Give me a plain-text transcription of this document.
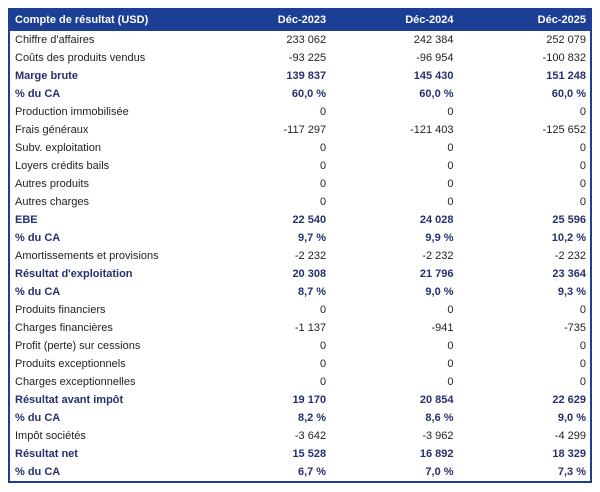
Compte de résultat (USD)	Déc-2023	Déc-2024	Déc-2025
Chiffre d'affaires	233 062	242 384	252 079
Coûts des produits vendus	-93 225	-96 954	-100 832
Marge brute	139 837	145 430	151 248
% du CA	60,0 %	60,0 %	60,0 %
Production immobilisée	0	0	0
Frais généraux	-117 297	-121 403	-125 652
Subv. exploitation	0	0	0
Loyers crédits bails	0	0	0
Autres produits	0	0	0
Autres charges	0	0	0
EBE	22 540	24 028	25 596
% du CA	9,7 %	9,9 %	10,2 %
Amortissements et provisions	-2 232	-2 232	-2 232
Résultat d'exploitation	20 308	21 796	23 364
% du CA	8,7 %	9,0 %	9,3 %
Produits financiers	0	0	0
Charges financières	-1 137	-941	-735
Profit (perte) sur cessions	0	0	0
Produits exceptionnels	0	0	0
Charges exceptionnelles	0	0	0
Résultat avant impôt	19 170	20 854	22 629
% du CA	8,2 %	8,6 %	9,0 %
Impôt sociétés	-3 642	-3 962	-4 299
Résultat net	15 528	16 892	18 329
% du CA	6,7 %	7,0 %	7,3 %
